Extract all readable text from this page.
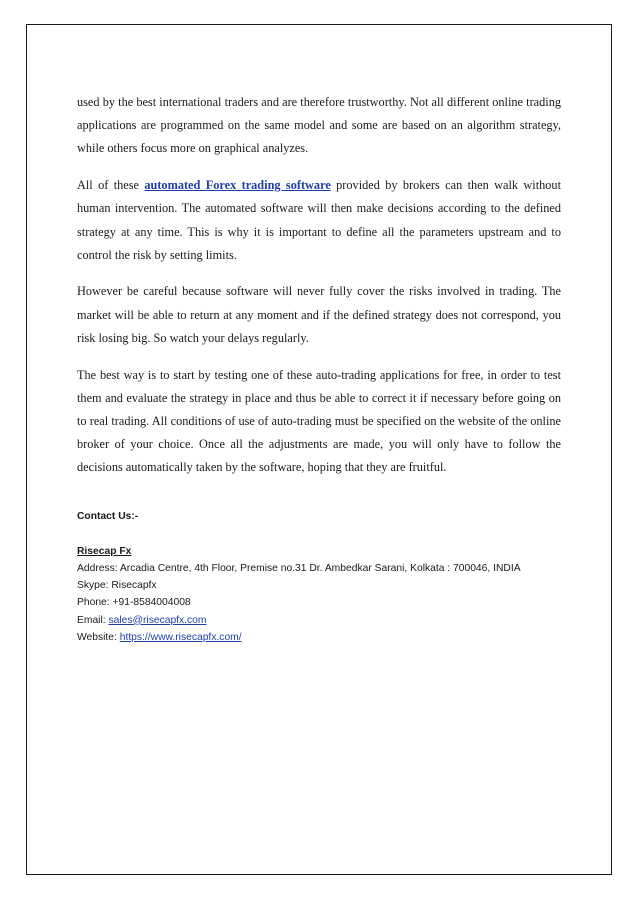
used by the best international traders and are therefore trustworthy. Not all different online trading applications are programmed on the same model and some are based on an algorithm strategy, while others focus more on graphical analyzes.

All of these automated Forex trading software provided by brokers can then walk without human intervention. The automated software will then make decisions according to the defined strategy at any time. This is why it is important to define all the parameters upstream and to control the risk by setting limits.

However be careful because software will never fully cover the risks involved in trading. The market will be able to return at any moment and if the defined strategy does not correspond, you risk losing big. So watch your delays regularly.

The best way is to start by testing one of these auto-trading applications for free, in order to test them and evaluate the strategy in place and thus be able to correct it if necessary before going on to real trading. All conditions of use of auto-trading must be specified on the website of the online broker of your choice. Once all the adjustments are made, you will only have to follow the decisions automatically taken by the software, hoping that they are fruitful.

Contact Us:-
Risecap Fx
Address: Arcadia Centre, 4th Floor, Premise no.31 Dr. Ambedkar Sarani, Kolkata : 700046, INDIA
Skype: Risecapfx
Phone: +91-8584004008
Email: sales@risecapfx.com
Website: https://www.risecapfx.com/
